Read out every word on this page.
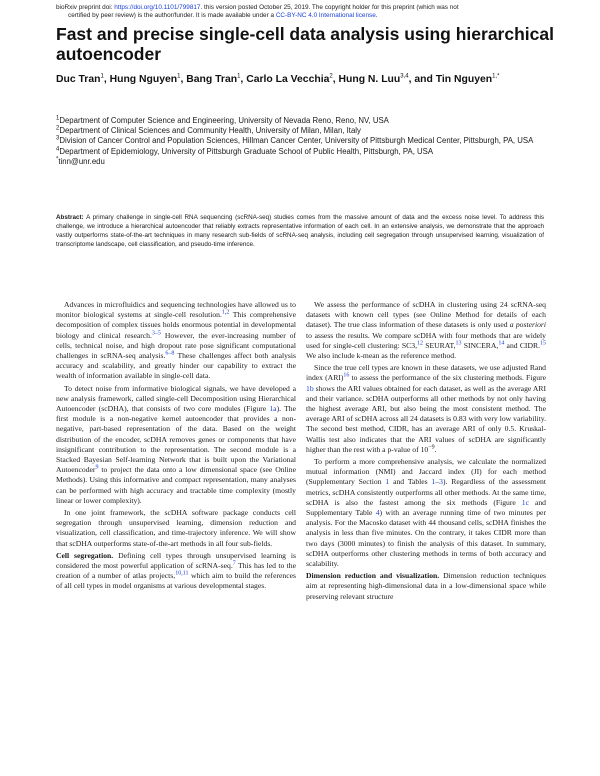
bioRxiv preprint doi: https://doi.org/10.1101/799817. this version posted October 25, 2019. The copyright holder for this preprint (which was not
certified by peer review) is the author/funder. It is made available under a CC-BY-NC 4.0 International license.
Fast and precise single-cell data analysis using hierarchical autoencoder
Duc Tran$^1$, Hung Nguyen$^1$, Bang Tran$^1$, Carlo La Vecchia$^2$, Hung N. Luu$^{3,4}$, and Tin Nguyen$^{1,*}$

$^1$Department of Computer Science and Engineering, University of Nevada Reno, Reno, NV, USA

$^2$Department of Clinical Sciences and Community Health, University of Milan, Milan, Italy

$^3$Division of Cancer Control and Population Sciences, Hillman Cancer Center, University of Pittsburgh Medical Center, Pittsburgh, PA, USA

$^4$Department of Epidemiology, University of Pittsburgh Graduate School of Public Health, Pittsburgh, PA, USA

*tinn@unr.edu

Abstract: A primary challenge in single-cell RNA sequencing (scRNA-seq) studies comes from the massive amount of data and the excess noise level. To address this challenge, we introduce a hierarchical autoencoder that reliably extracts representative information of each cell. In an extensive analysis, we demonstrate that the approach vastly outperforms state-of-the-art techniques in many research sub-fields of scRNA-seq analysis, including cell segregation through unsupervised learning, visualization of transcriptome landscape, cell classification, and pseudo-time inference.

Advances in microfluidics and sequencing technologies have allowed us to monitor biological systems at single-cell resolution.$^{1,2}$ This comprehensive decomposition of complex tissues holds enormous potential in developmental biology and clinical research.$^{3-5}$ However, the ever-increasing number of cells, technical noise, and high dropout rate pose significant computational challenges in scRNA-seq analysis.$^{6-8}$ These challenges affect both analysis accuracy and scalability, and greatly hinder our capability to extract the wealth of information available in single-cell data.

To detect noise from informative biological signals, we have developed a new analysis framework, called single-cell Decomposition using Hierarchical Autoencoder (scDHA), that consists of two core modules (Figure 1a). The first module is a non-negative kernel autoencoder that provides a non-negative, part-based representation of the data. Based on the weight distribution of the encoder, scDHA removes genes or components that have insignificant contribution to the representation. The second module is a Stacked Bayesian Self-learning Network that is built upon the Variational Autoencoder$^9$ to project the data onto a low dimensional space (see Online Methods). Using this informative and compact representation, many analyses can be performed with high accuracy and tractable time complexity (mostly linear or lower complexity).

In one joint framework, the scDHA software package conducts cell segregation through unsupervised learning, dimension reduction and visualization, cell classification, and time-trajectory inference. We will show that scDHA outperforms state-of-the-art methods in all four sub-fields.

Cell segregation. Defining cell types through unsupervised learning is considered the most powerful application of scRNA-seq.$^7$ This has led to the creation of a number of atlas projects,$^{10,11}$ which aim to build the references of all cell types in model organisms at various developmental stages.

We assess the performance of scDHA in clustering using 24 scRNA-seq datasets with known cell types (see Online Method for details of each dataset). The true class information of these datasets is only used a posteriori to assess the results. We compare scDHA with four methods that are widely used for single-cell clustering: SC3,12 SEURAT,$^{13}$ SINCERA,$^{14}$ and CIDR.$^{15}$ We also include k-mean as the reference method.

Since the true cell types are known in these datasets, we use adjusted Rand index (ARI)$^{16}$ to assess the performance of the six clustering methods. Figure 1b shows the ARI values obtained for each dataset, as well as the average ARI and their variance. scDHA outperforms all other methods by not only having the highest average ARI, but also being the most consistent method. The average ARI of scDHA across all 24 datasets is 0.83 with very low variability. The second best method, CIDR, has an average ARI of only 0.5. Kruskal-Wallis test also indicates that the ARI values of scDHA are significantly higher than the rest with a p-value of $10^{-9}$.

To perform a more comprehensive analysis, we calculate the normalized mutual information (NMI) and Jaccard index (JI) for each method (Supplementary Section 1 and Tables 1–3). Regardless of the assessment metrics, scDHA consistently outperforms all other methods. At the same time, scDHA is also the fastest among the six methods (Figure 1c and Supplementary Table 4) with an average running time of two minutes per analysis. For the Macosko dataset with 44 thousand cells, scDHA finishes the analysis in less than five minutes. On the contrary, it takes CIDR more than two days (3000 minutes) to finish the analysis of this dataset. In summary, scDHA outperforms other clustering methods in terms of both accuracy and scalability.

Dimension reduction and visualization. Dimension reduction techniques aim at representing high-dimensional data in a low-dimensional space while preserving relevant structure
